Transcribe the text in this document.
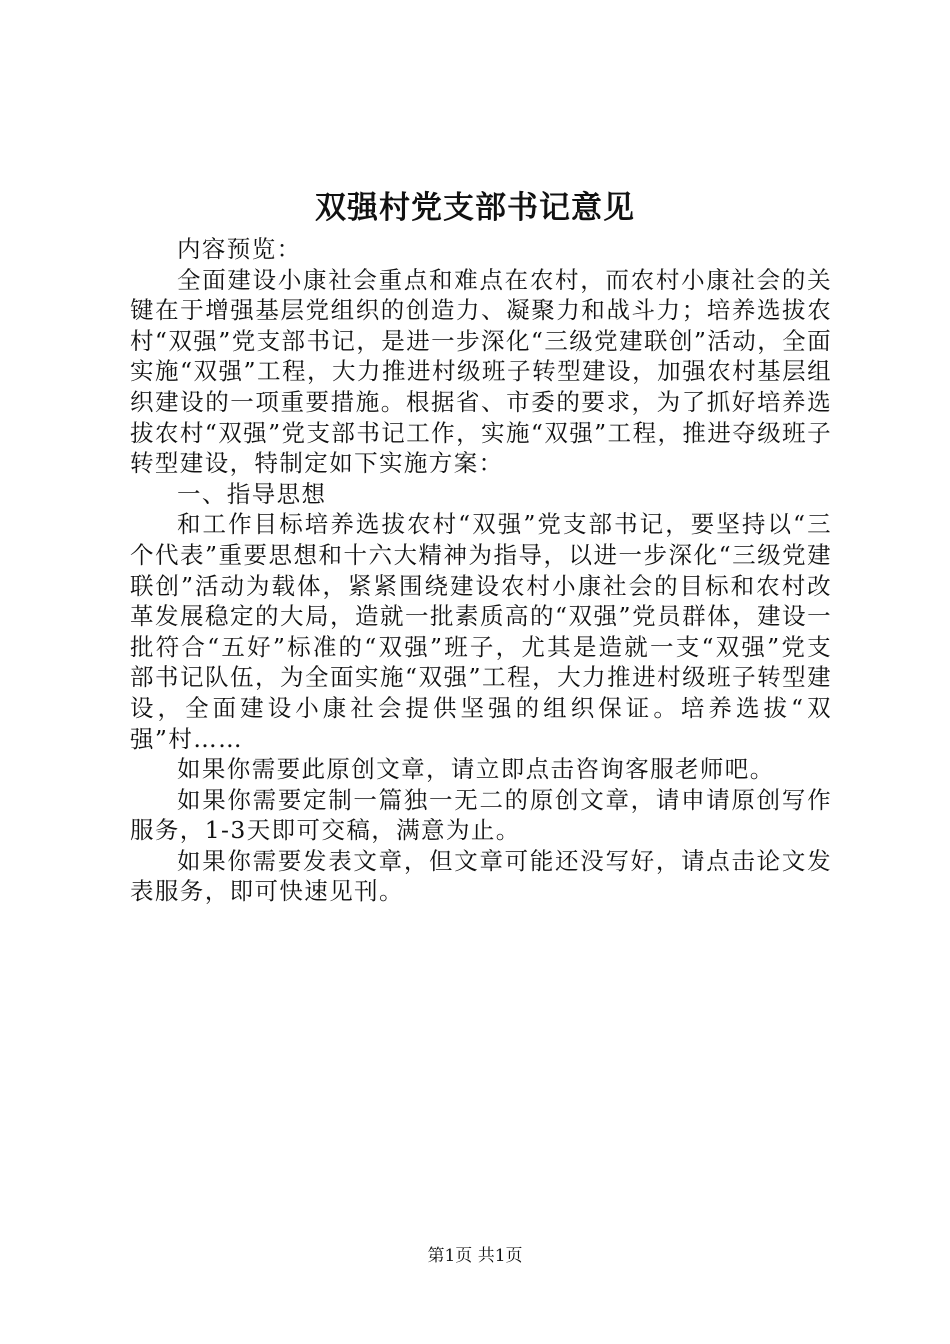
双强村党支部书记意见

内容预览：

全面建设小康社会重点和难点在农村，而农村小康社会的关键在于增强基层党组织的创造力、凝聚力和战斗力；培养选拔农村“双强”党支部书记，是进一步深化“三级党建联创”活动，全面实施“双强”工程，大力推进村级班子转型建设，加强农村基层组织建设的一项重要措施。根据省、市委的要求，为了抓好培养选拔农村“双强”党支部书记工作，实施“双强”工程，推进夺级班子转型建设，特制定如下实施方案：

一、指导思想

和工作目标培养选拔农村“双强”党支部书记，要坚持以“三个代表”重要思想和十六大精神为指导，以进一步深化“三级党建联创”活动为载体，紧紧围绕建设农村小康社会的目标和农村改革发展稳定的大局，造就一批素质高的“双强”党员群体，建设一批符合“五好”标准的“双强”班子，尤其是造就一支“双强”党支部书记队伍，为全面实施“双强”工程，大力推进村级班子转型建设，全面建设小康社会提供坚强的组织保证。培养选拔“双强”村……

如果你需要此原创文章，请立即点击咨询客服老师吧。

如果你需要定制一篇独一无二的原创文章，请申请原创写作服务，1-3天即可交稿，满意为止。

如果你需要发表文章，但文章可能还没写好，请点击论文发表服务，即可快速见刊。

第1页 共1页
